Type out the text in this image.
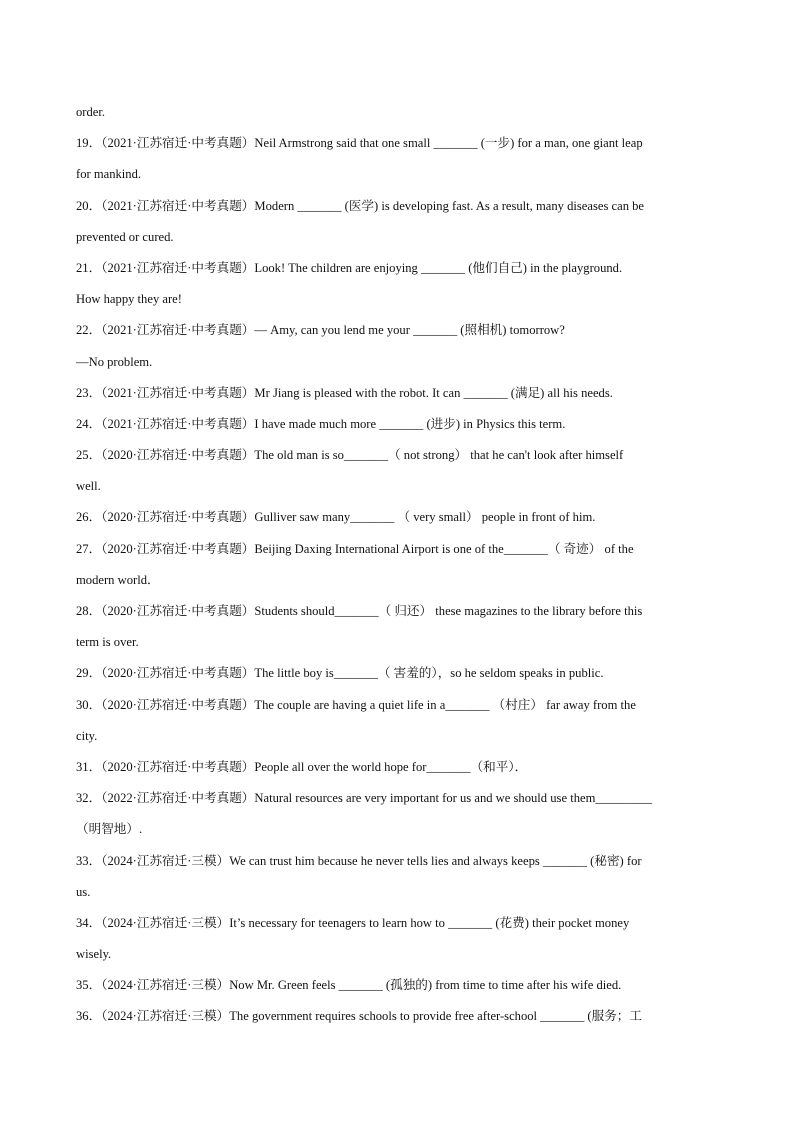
order.
19．（2021·江苏宿迁·中考真题）Neil Armstrong said that one small _______ (一步) for a man, one giant leap
for mankind.
20．（2021·江苏宿迁·中考真题）Modern _______ (医学) is developing fast. As a result, many diseases can be
prevented or cured.
21．（2021·江苏宿迁·中考真题）Look! The children are enjoying _______ (他们自己) in the playground.
How happy they are!
22．（2021·江苏宿迁·中考真题）— Amy, can you lend me your _______ (照相机) tomorrow?
—No problem.
23．（2021·江苏宿迁·中考真题）Mr Jiang is pleased with the robot. It can _______ (满足) all his needs.
24．（2021·江苏宿迁·中考真题）I have made much more _______ (进步) in Physics this term.
25．（2020·江苏宿迁·中考真题）The old man is so_______（ not strong） that he can't look after himself
well.
26．（2020·江苏宿迁·中考真题）Gulliver saw many_______ （ very small） people in front of him.
27．（2020·江苏宿迁·中考真题）Beijing Daxing International Airport is one of the_______（ 奇迹） of the
modern world．
28．（2020·江苏宿迁·中考真题）Students should_______（ 归还） these magazines to the library before this
term is over.
29．（2020·江苏宿迁·中考真题）The little boy is_______（ 害羞的），so he seldom speaks in public.
30．（2020·江苏宿迁·中考真题）The couple are having a quiet life in a_______ （村庄） far away from the
city.
31．（2020·江苏宿迁·中考真题）People all over the world hope for_______（和平）．
32．（2022·江苏宿迁·中考真题）Natural resources are very important for us and we should use them_________
（明智地）.
33．（2024·江苏宿迁·三模）We can trust him because he never tells lies and always keeps _______ (秘密) for
us.
34．（2024·江苏宿迁·三模）It’s necessary for teenagers to learn how to _______ (花费) their pocket money
wisely.
35．（2024·江苏宿迁·三模）Now Mr. Green feels _______ (孤独的) from time to time after his wife died.
36．（2024·江苏宿迁·三模）The government requires schools to provide free after-school _______ (服务；工
